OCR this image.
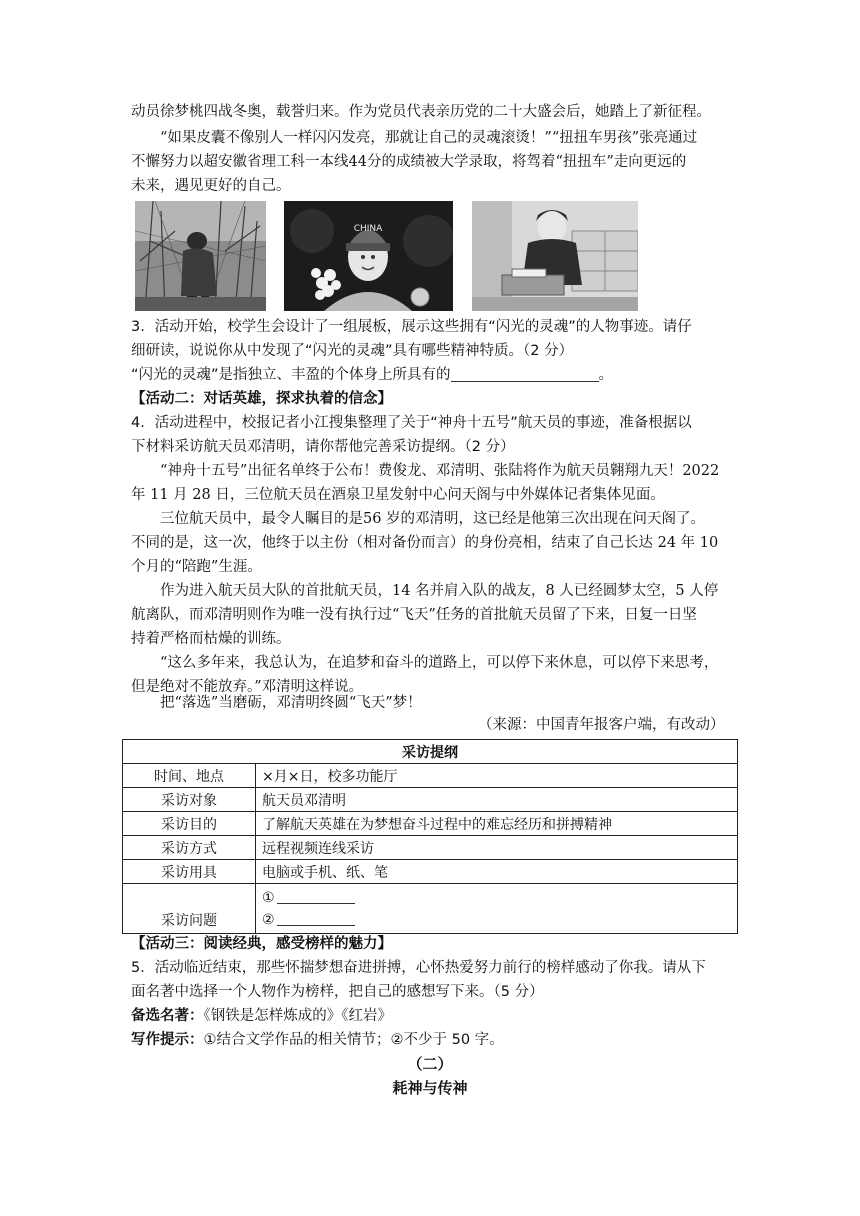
动员徐梦桃四战冬奥，载誉归来。作为党员代表亲历党的二十大盛会后，她踏上了新征程。
“如果皮囊不像别人一样闪闪发亮，那就让自己的灵魂滚烫！”“扭扭车男孩”张亮通过
不懈努力以超安徽省理工科一本线44分的成绩被大学录取，将驾着“扭扭车”走向更远的
未来，遇见更好的自己。
CHINA
3．活动开始，校学生会设计了一组展板，展示这些拥有“闪光的灵魂”的人物事迹。请仔
细研读，说说你从中发现了“闪光的灵魂”具有哪些精神特质。（2 分）
“闪光的灵魂”是指独立、丰盈的个体身上所具有的	。
【活动二：对话英雄，探求执着的信念】
4．活动进程中，校报记者小江搜集整理了关于“神舟十五号”航天员的事迹，准备根据以
下材料采访航天员邓清明，请你帮他完善采访提纲。（2 分）
“神舟十五号”出征名单终于公布！费俊龙、邓清明、张陆将作为航天员翱翔九天！2022
年 11 月 28 日，三位航天员在酒泉卫星发射中心问天阁与中外媒体记者集体见面。
三位航天员中，最令人瞩目的是56 岁的邓清明，这已经是他第三次出现在问天阁了。
不同的是，这一次，他终于以主份（相对备份而言）的身份亮相，结束了自己长达 24 年 10
个月的“陪跑”生涯。
作为进入航天员大队的首批航天员，14 名并肩入队的战友，8 人已经圆梦太空，5 人停
航离队，而邓清明则作为唯一没有执行过“飞天”任务的首批航天员留了下来，日复一日坚
持着严格而枯燥的训练。
“这么多年来，我总认为，在追梦和奋斗的道路上，可以停下来休息，可以停下来思考，
但是绝对不能放弃。”邓清明这样说。
把“落选”当磨砺，邓清明终圆“飞天”梦！
（来源：中国青年报客户端，有改动）
采访提纲	
时间、地点	×月×日，校多功能厅
采访对象	航天员邓清明
采访目的	了解航天英雄在为梦想奋斗过程中的难忘经历和拼搏精神
采访方式	远程视频连线采访
采访用具	电脑或手机、纸、笔
采访问题	①
②
【活动三：阅读经典，感受榜样的魅力】
5．活动临近结束，那些怀揣梦想奋进拼搏，心怀热爱努力前行的榜样感动了你我。请从下
面名著中选择一个人物作为榜样，把自己的感想写下来。（5 分）
备选名著：《钢铁是怎样炼成的》《红岩》
写作提示：①结合文学作品的相关情节；②不少于 50 字。
（二）
耗神与传神
